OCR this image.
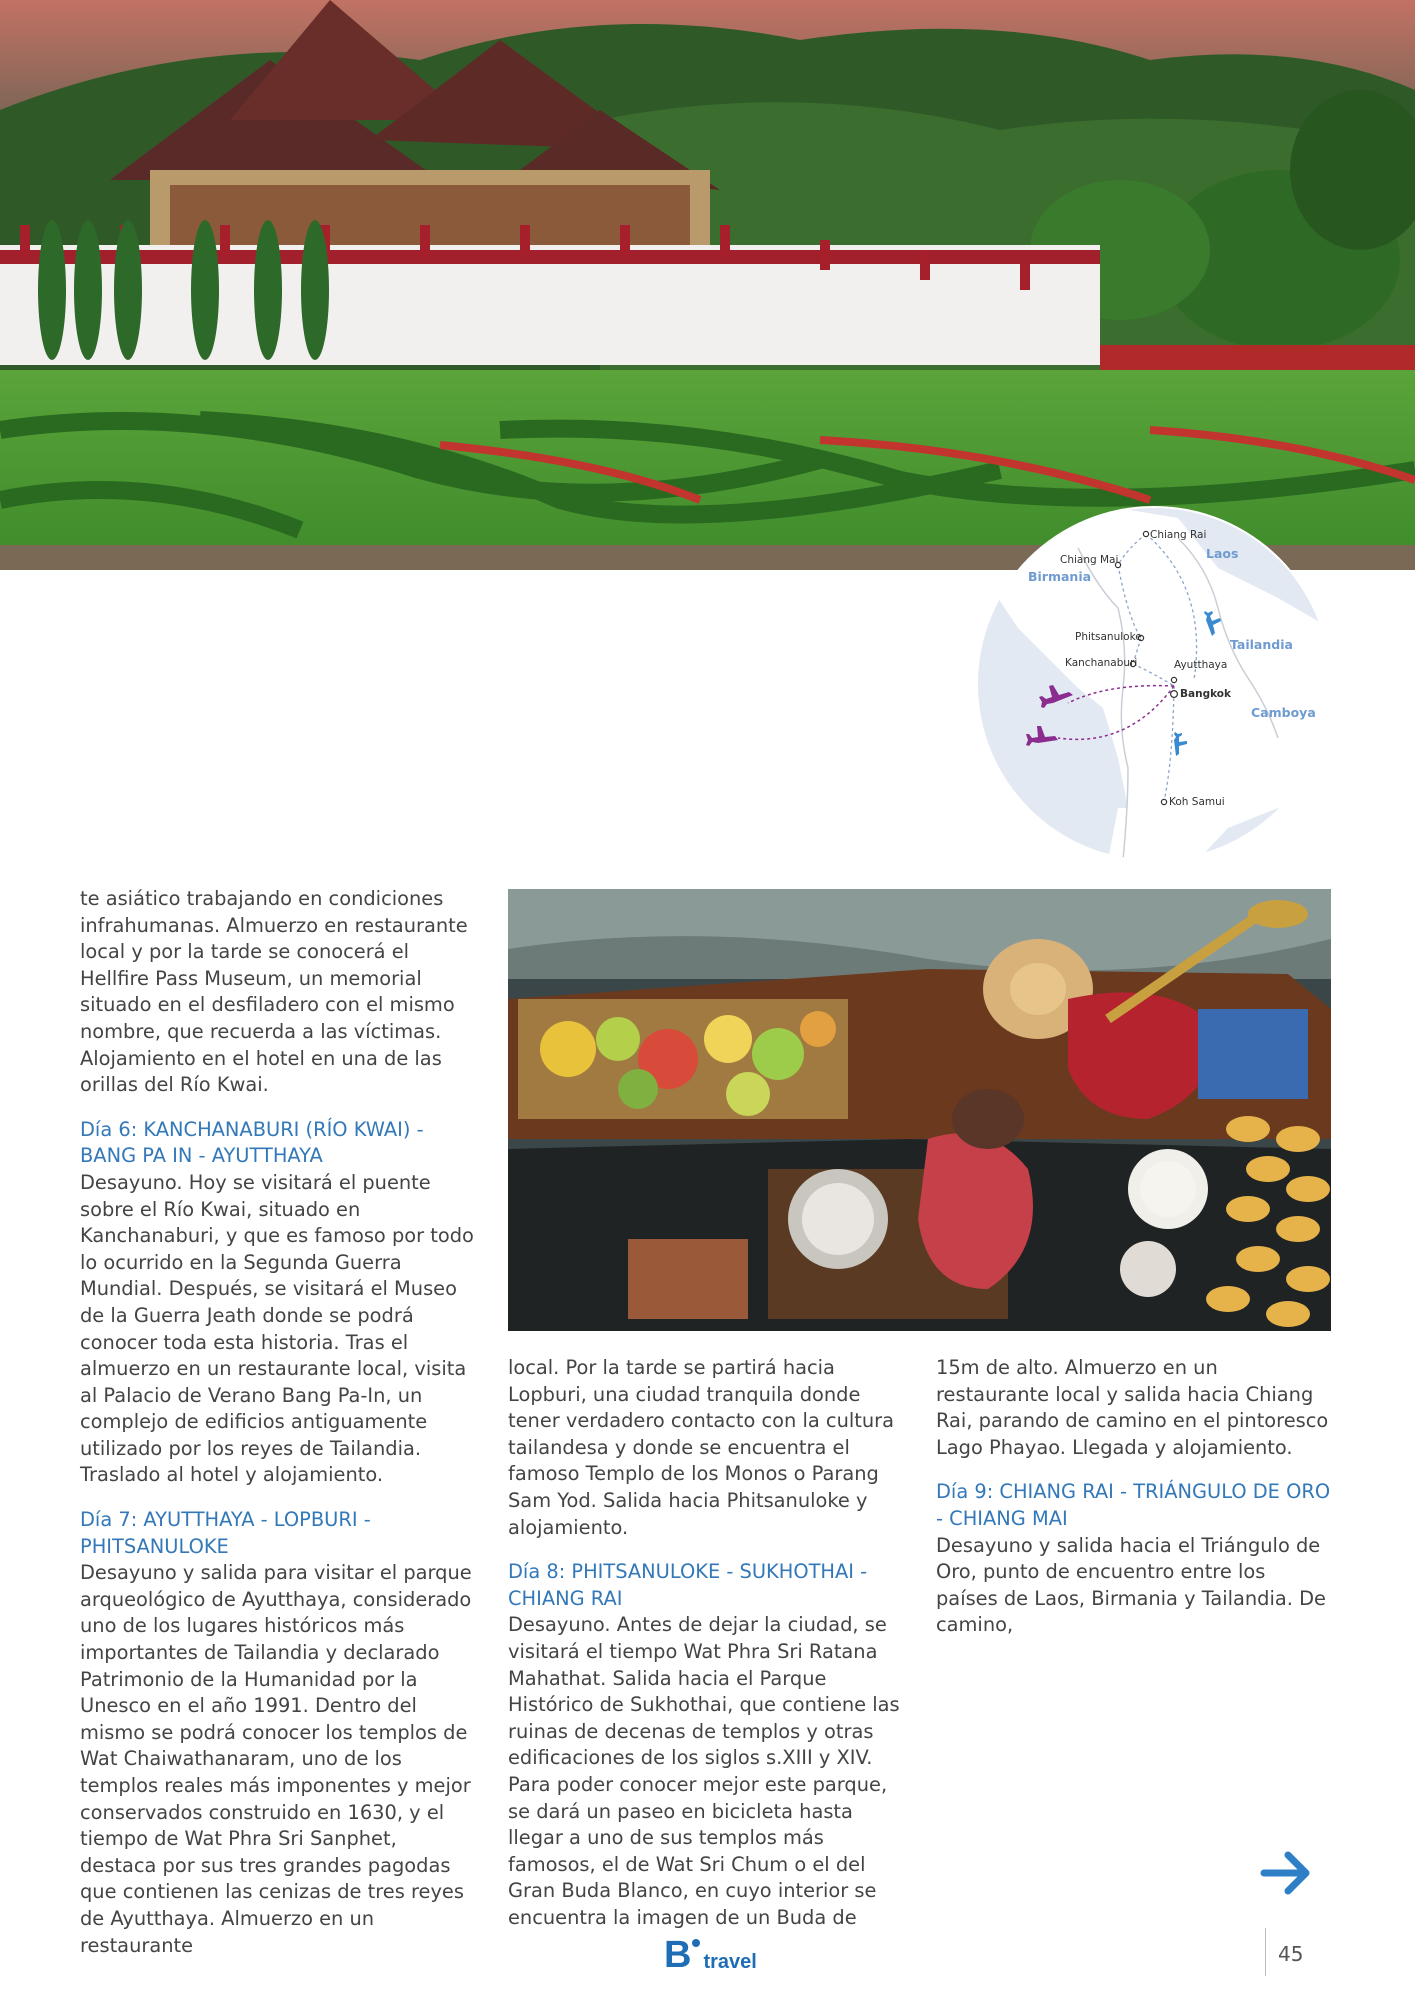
Chiang Rai
Chiang Mai
Phitsanuloke
Kanchanaburi	Ayutthaya
Bangkok
Koh Samui
Laos
Birmania
Tailandia
Camboya

te asiático trabajando en condiciones infrahumanas. Almuerzo en restaurante local y por la tarde se conocerá el Hellfire Pass Museum, un memorial situado en el desfiladero con el mismo nombre, que recuerda a las víctimas. Alojamiento en el hotel en una de las orillas del Río Kwai.

Día 6: KANCHANABURI (RÍO KWAI) - BANG PA IN - AYUTTHAYA

Desayuno. Hoy se visitará el puente sobre el Río Kwai, situado en Kanchanaburi, y que es famoso por todo lo ocurrido en la Segunda Guerra Mundial. Después, se visitará el Museo de la Guerra Jeath donde se podrá conocer toda esta historia. Tras el almuerzo en un restaurante local, visita al Palacio de Verano Bang Pa-In, un complejo de edificios antiguamente utilizado por los reyes de Tailandia. Traslado al hotel y alojamiento.

Día 7: AYUTTHAYA - LOPBURI - PHITSANULOKE

Desayuno y salida para visitar el parque arqueológico de Ayutthaya, considerado uno de los lugares históricos más importantes de Tailandia y declarado Patrimonio de la Humanidad por la Unesco en el año 1991. Dentro del mismo se podrá conocer los templos de Wat Chaiwathanaram, uno de los templos reales más imponentes y mejor conservados construido en 1630, y el tiempo de Wat Phra Sri Sanphet, destaca por sus tres grandes pagodas que contienen las cenizas de tres reyes de Ayutthaya. Almuerzo en un restaurante

local. Por la tarde se partirá hacia Lopburi, una ciudad tranquila donde tener verdadero contacto con la cultura tailandesa y donde se encuentra el famoso Templo de los Monos o Parang Sam Yod. Salida hacia Phitsanuloke y alojamiento.

Día 8: PHITSANULOKE - SUKHOTHAI - CHIANG RAI

Desayuno. Antes de dejar la ciudad, se visitará el tiempo Wat Phra Sri Ratana Mahathat. Salida hacia el Parque Histórico de Sukhothai, que contiene las ruinas de decenas de templos y otras edificaciones de los siglos s.XIII y XIV. Para poder conocer mejor este parque, se dará un paseo en bicicleta hasta llegar a uno de sus templos más famosos, el de Wat Sri Chum o el del Gran Buda Blanco, en cuyo interior se encuentra la imagen de un Buda de

15m de alto. Almuerzo en un restaurante local y salida hacia Chiang Rai, parando de camino en el pintoresco Lago Phayao. Llegada y alojamiento.

Día 9: CHIANG RAI - TRIÁNGULO DE ORO - CHIANG MAI

Desayuno y salida hacia el Triángulo de Oro, punto de encuentro entre los países de Laos, Birmania y Tailandia. De camino,

B travel	45
